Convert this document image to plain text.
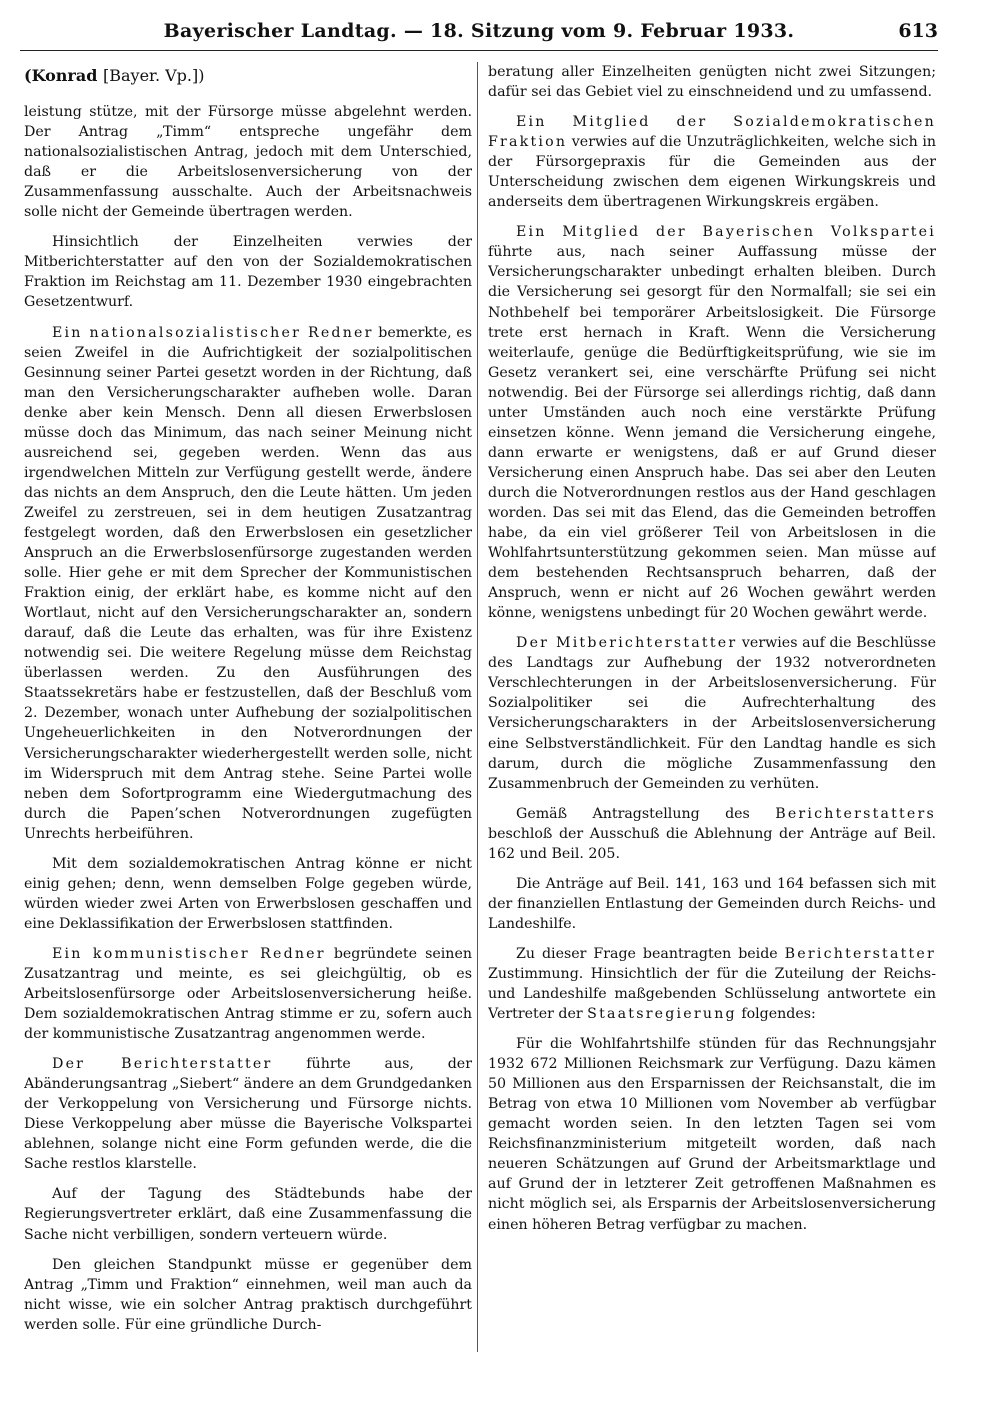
Bayerischer Landtag. — 18. Sitzung vom 9. Februar 1933.	613
(Konrad [Bayer. Vp.])

leistung stütze, mit der Fürsorge müsse abgelehnt werden. Der Antrag „Timm“ entspreche ungefähr dem nationalsozialistischen Antrag, jedoch mit dem Unterschied, daß er die Arbeitslosenversicherung von der Zusammenfassung ausschalte. Auch der Arbeitsnachweis solle nicht der Gemeinde übertragen werden.

Hinsichtlich der Einzelheiten verwies der Mitberichterstatter auf den von der Sozialdemokratischen Fraktion im Reichstag am 11. Dezember 1930 eingebrachten Gesetzentwurf.

Ein nationalsozialistischer Redner bemerkte, es seien Zweifel in die Aufrichtigkeit der sozialpolitischen Gesinnung seiner Partei gesetzt worden in der Richtung, daß man den Versicherungscharakter aufheben wolle. Daran denke aber kein Mensch. Denn all diesen Erwerbslosen müsse doch das Minimum, das nach seiner Meinung nicht ausreichend sei, gegeben werden. Wenn das aus irgendwelchen Mitteln zur Verfügung gestellt werde, ändere das nichts an dem Anspruch, den die Leute hätten. Um jeden Zweifel zu zerstreuen, sei in dem heutigen Zusatzantrag festgelegt worden, daß den Erwerbslosen ein gesetzlicher Anspruch an die Erwerbslosenfürsorge zugestanden werden solle. Hier gehe er mit dem Sprecher der Kommunistischen Fraktion einig, der erklärt habe, es komme nicht auf den Wortlaut, nicht auf den Versicherungscharakter an, sondern darauf, daß die Leute das erhalten, was für ihre Existenz notwendig sei. Die weitere Regelung müsse dem Reichstag überlassen werden. Zu den Ausführungen des Staatssekretärs habe er festzustellen, daß der Beschluß vom 2. Dezember, wonach unter Aufhebung der sozialpolitischen Ungeheuerlichkeiten in den Notverordnungen der Versicherungscharakter wiederhergestellt werden solle, nicht im Widerspruch mit dem Antrag stehe. Seine Partei wolle neben dem Sofortprogramm eine Wiedergutmachung des durch die Papen’schen Notverordnungen zugefügten Unrechts herbeiführen.

Mit dem sozialdemokratischen Antrag könne er nicht einig gehen; denn, wenn demselben Folge gegeben würde, würden wieder zwei Arten von Erwerbslosen geschaffen und eine Deklassifikation der Erwerbslosen stattfinden.

Ein kommunistischer Redner begründete seinen Zusatzantrag und meinte, es sei gleichgültig, ob es Arbeitslosenfürsorge oder Arbeitslosenversicherung heiße. Dem sozialdemokratischen Antrag stimme er zu, sofern auch der kommunistische Zusatzantrag angenommen werde.

Der Berichterstatter führte aus, der Abänderungsantrag „Siebert“ ändere an dem Grundgedanken der Verkoppelung von Versicherung und Fürsorge nichts. Diese Verkoppelung aber müsse die Bayerische Volkspartei ablehnen, solange nicht eine Form gefunden werde, die die Sache restlos klarstelle.

Auf der Tagung des Städtebunds habe der Regierungsvertreter erklärt, daß eine Zusammenfassung die Sache nicht verbilligen, sondern verteuern würde.

Den gleichen Standpunkt müsse er gegenüber dem Antrag „Timm und Fraktion“ einnehmen, weil man auch da nicht wisse, wie ein solcher Antrag praktisch durchgeführt werden solle. Für eine gründliche Durch-

beratung aller Einzelheiten genügten nicht zwei Sitzungen; dafür sei das Gebiet viel zu einschneidend und zu umfassend.

Ein Mitglied der Sozialdemokratischen Fraktion verwies auf die Unzuträglichkeiten, welche sich in der Fürsorgepraxis für die Gemeinden aus der Unterscheidung zwischen dem eigenen Wirkungskreis und anderseits dem übertragenen Wirkungskreis ergäben.

Ein Mitglied der Bayerischen Volkspartei führte aus, nach seiner Auffassung müsse der Versicherungscharakter unbedingt erhalten bleiben. Durch die Versicherung sei gesorgt für den Normalfall; sie sei ein Nothbehelf bei temporärer Arbeitslosigkeit. Die Fürsorge trete erst hernach in Kraft. Wenn die Versicherung weiterlaufe, genüge die Bedürftigkeitsprüfung, wie sie im Gesetz verankert sei, eine verschärfte Prüfung sei nicht notwendig. Bei der Fürsorge sei allerdings richtig, daß dann unter Umständen auch noch eine verstärkte Prüfung einsetzen könne. Wenn jemand die Versicherung eingehe, dann erwarte er wenigstens, daß er auf Grund dieser Versicherung einen Anspruch habe. Das sei aber den Leuten durch die Notverordnungen restlos aus der Hand geschlagen worden. Das sei mit das Elend, das die Gemeinden betroffen habe, da ein viel größerer Teil von Arbeitslosen in die Wohlfahrtsunterstützung gekommen seien. Man müsse auf dem bestehenden Rechtsanspruch beharren, daß der Anspruch, wenn er nicht auf 26 Wochen gewährt werden könne, wenigstens unbedingt für 20 Wochen gewährt werde.

Der Mitberichterstatter verwies auf die Beschlüsse des Landtags zur Aufhebung der 1932 notverordneten Verschlechterungen in der Arbeitslosenversicherung. Für Sozialpolitiker sei die Aufrechterhaltung des Versicherungscharakters in der Arbeitslosenversicherung eine Selbstverständlichkeit. Für den Landtag handle es sich darum, durch die mögliche Zusammenfassung den Zusammenbruch der Gemeinden zu verhüten.

Gemäß Antragstellung des Berichterstatters beschloß der Ausschuß die Ablehnung der Anträge auf Beil. 162 und Beil. 205.

Die Anträge auf Beil. 141, 163 und 164 befassen sich mit der finanziellen Entlastung der Gemeinden durch Reichs- und Landeshilfe.

Zu dieser Frage beantragten beide Berichterstatter Zustimmung. Hinsichtlich der für die Zuteilung der Reichs- und Landeshilfe maßgebenden Schlüsselung antwortete ein Vertreter der Staatsregierung folgendes:

Für die Wohlfahrtshilfe stünden für das Rechnungsjahr 1932 672 Millionen Reichsmark zur Verfügung. Dazu kämen 50 Millionen aus den Ersparnissen der Reichsanstalt, die im Betrag von etwa 10 Millionen vom November ab verfügbar gemacht worden seien. In den letzten Tagen sei vom Reichsfinanzministerium mitgeteilt worden, daß nach neueren Schätzungen auf Grund der Arbeitsmarktlage und auf Grund der in letzterer Zeit getroffenen Maßnahmen es nicht möglich sei, als Ersparnis der Arbeitslosenversicherung einen höheren Betrag verfügbar zu machen.
